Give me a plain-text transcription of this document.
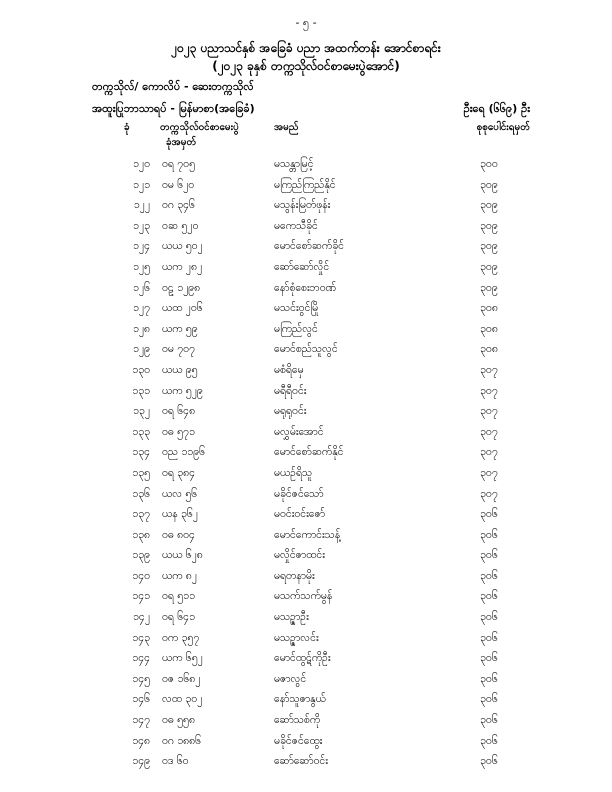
- ၅ -
၂၀၂၃ ပညာသင်နှစ် အခြေခံ ပညာ အထက်တန်း အောင်စာရင်း
(၂၀၂၃ ခုနှစ် တက္ကသိုလ်ဝင်စာမေးပွဲအောင်)
တက္ကသိုလ်/ ကောလိပ် - ဆေးတက္ကသိုလ်
အထူးပြုဘာသာရပ် - မြန်မာစာ(အခြေခံ)	ဦးရေ (၆၆၉) ဦး
ခုံ	တက္ကသိုလ်ဝင်စာမေးပွဲ
ခုံအမှတ်
အမည်	စုစုပေါင်းရမှတ်
၁၂၀ ဝရ ၇၀၅	မသန္တာမြင့်	၃၀၀
၁၂၁ ဝမ ၆၂၀	မကြည်ကြည်နိုင်	၃၀၉
၁၂၂ ဝဂ ၃၄၆	မသွန်းမြတ်ဖုန်း	၃၀၉
၁၂၃ ဝဆ ၅၂၀	မကေသီခိုင်	၃၀၉
၁၂၄ ယယ ၅၀၂	မောင်စော်ဆက်ခိုင်	၃၀၉
၁၂၅ ယက ၂၈၂	ဆော်ဆော်လှိုင်	၃၀၉
၁၂၆ ဝဠ ၁၂၉၈	နော်စုံစေးဘဝဏ်	၃၀၉
၁၂၇ ယထ ၂၀၆	မသင်းဝွင်မြို	၃၀၈
၁၂၈ ယက ၅၉	မကြည်လွင်	၃၀၈
၁၂၉ ဝမ ၇၀၇	မောင်စည်သူလွင်	၃၀၈
၁၃၀ ယယ ၉၅	မစံရိမှေ	၃၀၇
၁၃၁ ယက ၅၂၉	မရီရီဝင်း	၃၀၇
၁၃၂ ဝရ ၆၄၈	မရုရုဝင်း	၃၀၇
၁၃၃ ဝဓ ၅၇၁	မလွှမ်းအောင်	၃၀၇
၁၃၄ ဝည ၁၁၉၆	မောင်စော်ဆက်နိုင်	၃၀၇
၁၃၅ ဝရ ၃၈၄	မယဉ်ရိသူ	၃၀၇
၁၃၆ ယလ ၅၆	မခိုင်ဇင်သော်	၃၀၇
၁၃၇ ယန ၃၆၂	မဝင်းဝင်းဇော်	၃၀၆
၁၃၈ ဝဓ ၈၀၄	မောင်ကောင်းသန့်	၃၀၆
၁၃၉ ယယ ၆၂၈	မလှိုင်ဇာထင်း	၃၀၆
၁၄၀ ယက ၈၂	မရတနာမိုး	၃၀၆
၁၄၁ ဝရ ၅၁၁	မသက်သက်မွန်	၃၀၆
၁၄၂ ဝရ ၆၄၁	မသဥ္ဇာဦး	၃၀၆
၁၄၃ ဝက ၃၅၇	မသဥ္ဇာလင်း	၃၀၆
၁၄၄ ယက ၆၅၂	မောင်ထွဋ်ကိုဦး	၃၀၆
၁၄၅ ဝဇ ၁၆၈၂	မဇာလွင်	၃၀၆
၁၄၆ လထ ၃၀၂	နော်သူဇာနွယ်	၃၀၆
၁၄၇ ဝဓ ၅၅၈	ဆော်သစ်ကို	၃၀၆
၁၄၈ ဝဂ ၁၈၈၆	မခိုင်ဇင်ထွေး	၃၀၆
၁၄၉ ဝဒ ၆၀	ဆော်ဆော်ဝင်း	၃၀၆
